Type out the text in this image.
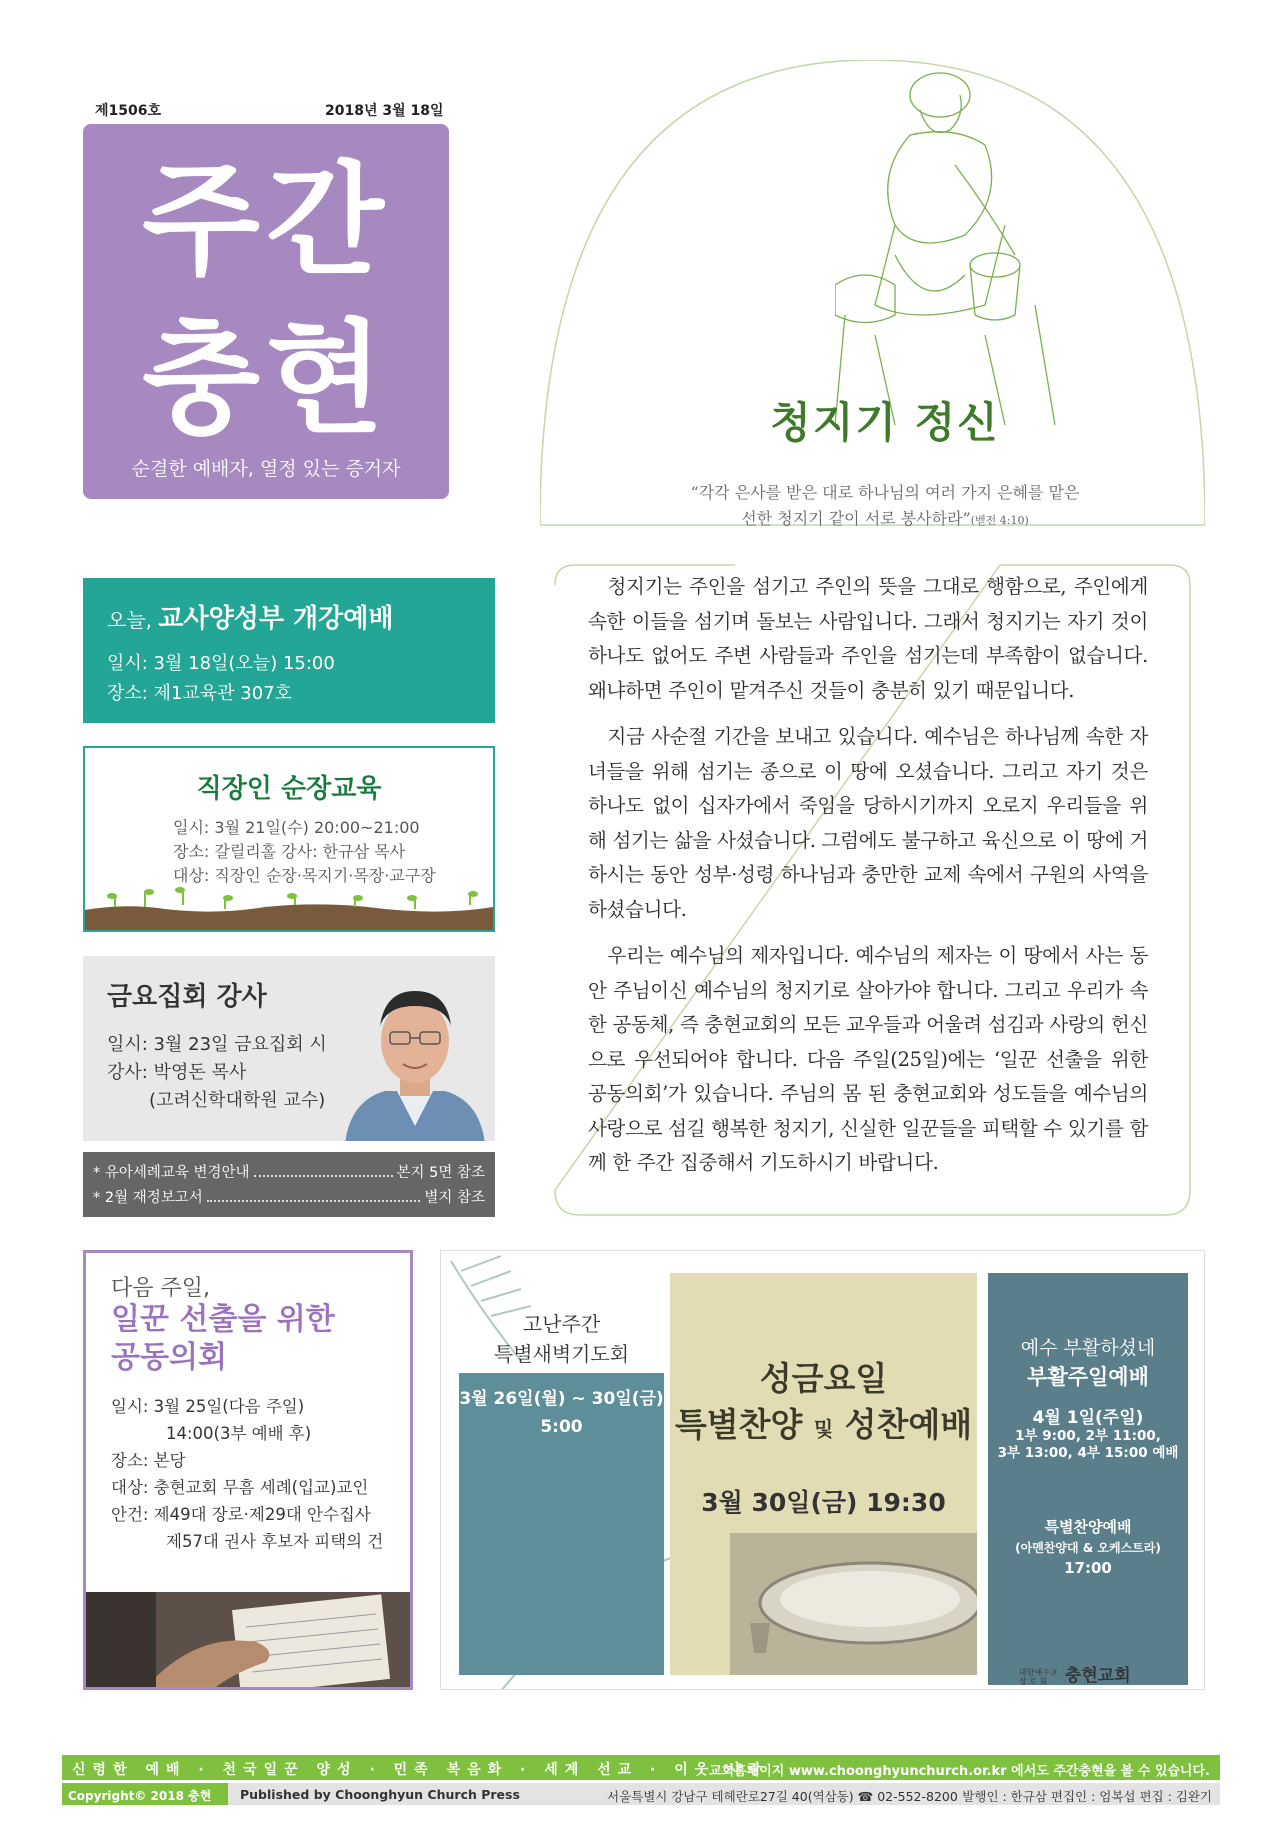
제1506호	2018년 3월 18일
주간
충현
순결한 예배자, 열정 있는 증거자
청지기 정신
“각각 은사를 받은 대로 하나님의 여러 가지 은혜를 맡은
선한 청지기 같이 서로 봉사하라”(벧전 4:10)

청지기는 주인을 섬기고 주인의 뜻을 그대로 행함으로, 주인에게 속한 이들을 섬기며 돌보는 사람입니다. 그래서 청지기는 자기 것이 하나도 없어도 주변 사람들과 주인을 섬기는데 부족함이 없습니다. 왜냐하면 주인이 맡겨주신 것들이 충분히 있기 때문입니다.

지금 사순절 기간을 보내고 있습니다. 예수님은 하나님께 속한 자녀들을 위해 섬기는 종으로 이 땅에 오셨습니다. 그리고 자기 것은 하나도 없이 십자가에서 죽임을 당하시기까지 오로지 우리들을 위해 섬기는 삶을 사셨습니다. 그럼에도 불구하고 육신으로 이 땅에 거하시는 동안 성부·성령 하나님과 충만한 교제 속에서 구원의 사역을 하셨습니다.

우리는 예수님의 제자입니다. 예수님의 제자는 이 땅에서 사는 동안 주님이신 예수님의 청지기로 살아가야 합니다. 그리고 우리가 속한 공동체, 즉 충현교회의 모든 교우들과 어울려 섬김과 사랑의 헌신으로 우선되어야 합니다. 다음 주일(25일)에는 ‘일꾼 선출을 위한 공동의회’가 있습니다. 주님의 몸 된 충현교회와 성도들을 예수님의 사랑으로 섬길 행복한 청지기, 신실한 일꾼들을 피택할 수 있기를 함께 한 주간 집중해서 기도하시기 바랍니다.

오늘, 교사양성부 개강예배
일시: 3월 18일(오늘) 15:00
장소: 제1교육관 307호
직장인 순장교육
일시: 3월 21일(수) 20:00~21:00
장소: 갈릴리홀 강사: 한규삼 목사
대상: 직장인 순장·목지기·목장·교구장
금요집회 강사
일시: 3월 23일 금요집회 시
강사: 박영돈 목사
(고려신학대학원 교수)
* 유아세례교육 변경안내	본지 5면 참조
* 2월 재정보고서	별지 참조
다음 주일,
일꾼 선출을 위한
공동의회
일시: 3월 25일(다음 주일)
14:00(3부 예배 후)
장소: 본당
대상: 충현교회 무흠 세례(입교)교인
안건: 제49대 장로·제29대 안수집사
제57대 권사 후보자 피택의 건
고난주간
특별새벽기도회
3월 26일(월) ~ 30일(금)
5:00
성금요일
특별찬양 및 성찬예배
3월 30일(금) 19:30
예수 부활하셨네
부활주일예배
4월 1일(주일)
1부 9:00, 2부 11:00,
3부 13:00, 4부 15:00 예배
특별찬양예배
(아멘찬양대 & 오케스트라)
17:00
대한예수교 장 로 회 충현교회
신령한 예배 · 천국일꾼 양성 · 민족 복음화 · 세계 선교 · 이웃 사랑
교회홈페이지 www.choonghyunchurch.or.kr 에서도 주간충현을 볼 수 있습니다.
Copyright© 2018 충현교회
Published by Choonghyun Church Press	서울특별시 강남구 테헤란로27길 40(역삼동) ☎ 02-552-8200 발행인 : 한규삼 편집인 : 엄복섭 편집 : 김완기
